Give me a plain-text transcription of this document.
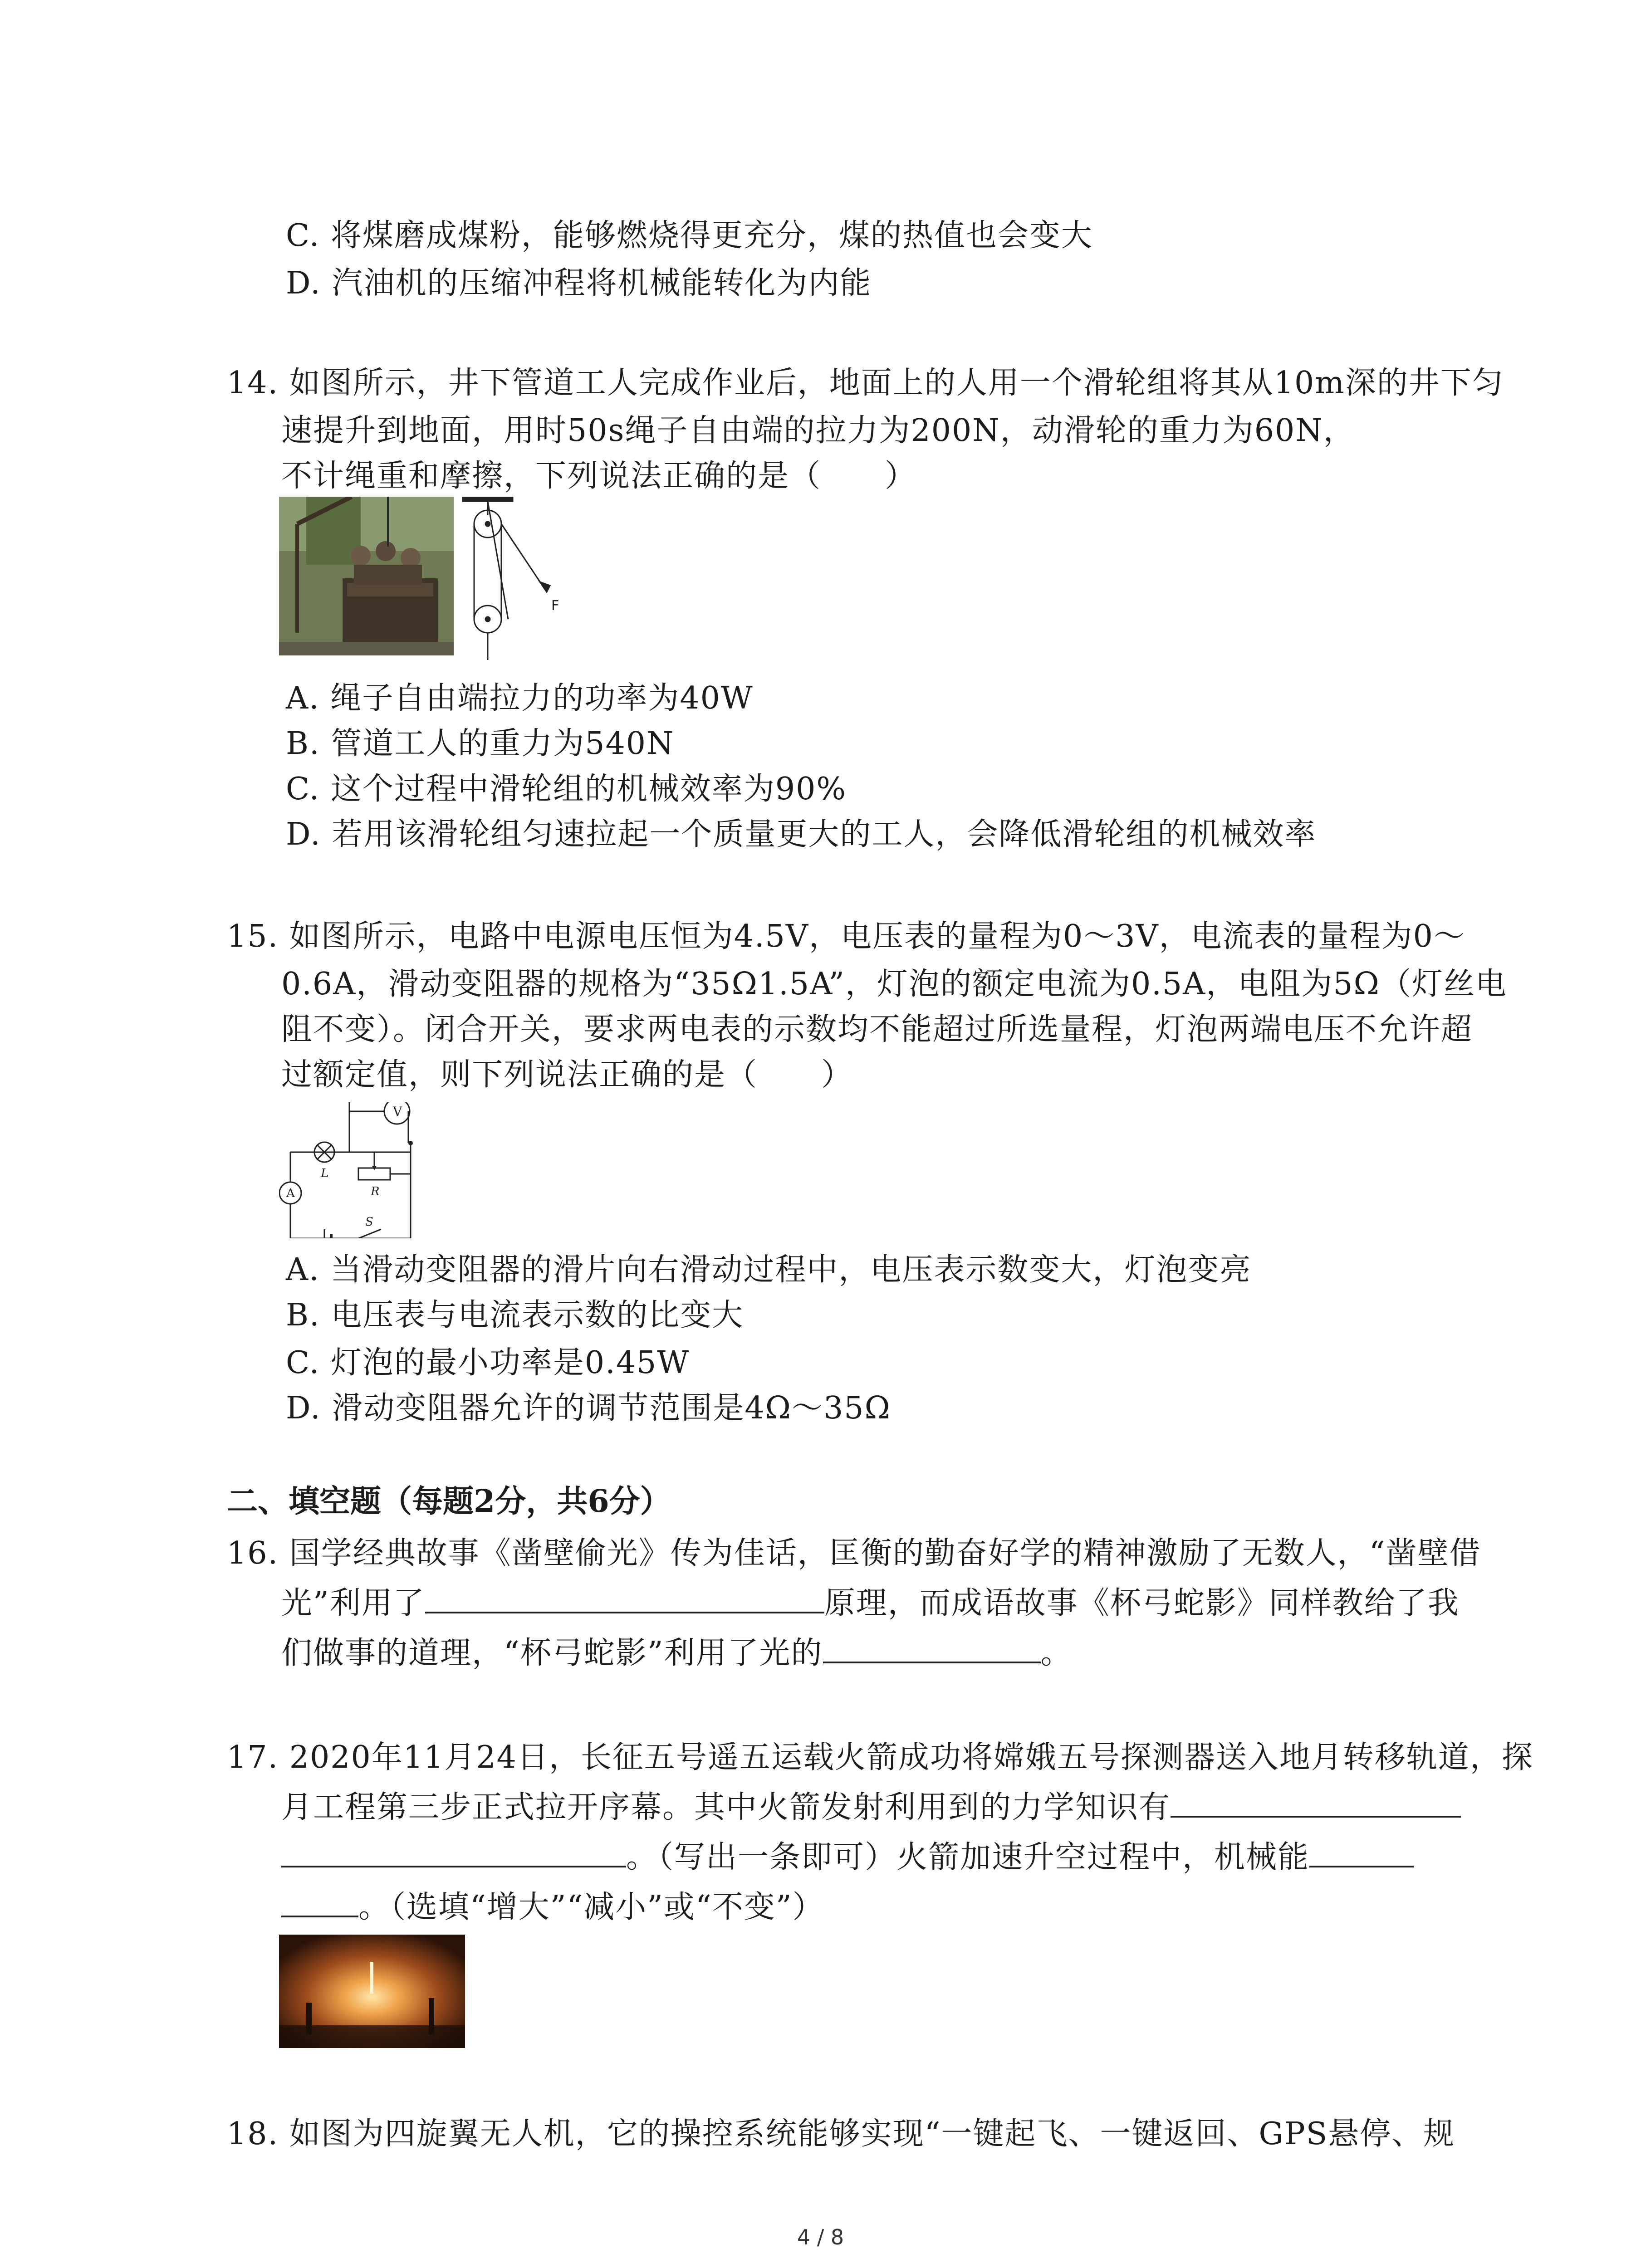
C. 将煤磨成煤粉，能够燃烧得更充分，煤的热值也会变大
D. 汽油机的压缩冲程将机械能转化为内能
14. 如图所示，井下管道工人完成作业后，地面上的人用一个滑轮组将其从10m深的井下匀
速提升到地面，用时50s绳子自由端的拉力为200N，动滑轮的重力为60N，
不计绳重和摩擦，下列说法正确的是（　　）
F
A. 绳子自由端拉力的功率为40W
B. 管道工人的重力为540N
C. 这个过程中滑轮组的机械效率为90%
D. 若用该滑轮组匀速拉起一个质量更大的工人，会降低滑轮组的机械效率
15. 如图所示，电路中电源电压恒为4.5V，电压表的量程为0～3V，电流表的量程为0～
0.6A，滑动变阻器的规格为“35Ω1.5A”，灯泡的额定电流为0.5A，电阻为5Ω（灯丝电
阻不变）。闭合开关，要求两电表的示数均不能超过所选量程，灯泡两端电压不允许超
过额定值，则下列说法正确的是（　　）
V
A
L
R
S
A. 当滑动变阻器的滑片向右滑动过程中，电压表示数变大，灯泡变亮
B. 电压表与电流表示数的比变大
C. 灯泡的最小功率是0.45W
D. 滑动变阻器允许的调节范围是4Ω～35Ω
二、填空题（每题2分，共6分）
16. 国学经典故事《凿壁偷光》传为佳话，匡衡的勤奋好学的精神激励了无数人，“凿壁借
光”利用了	原理，而成语故事《杯弓蛇影》同样教给了我
们做事的道理，“杯弓蛇影”利用了光的	。
17. 2020年11月24日，长征五号遥五运载火箭成功将嫦娥五号探测器送入地月转移轨道，探
月工程第三步正式拉开序幕。其中火箭发射利用到的力学知识有
。（写出一条即可）火箭加速升空过程中，机械能
。（选填“增大”“减小”或“不变”）
18. 如图为四旋翼无人机，它的操控系统能够实现“一键起飞、一键返回、GPS悬停、规
4 / 8
